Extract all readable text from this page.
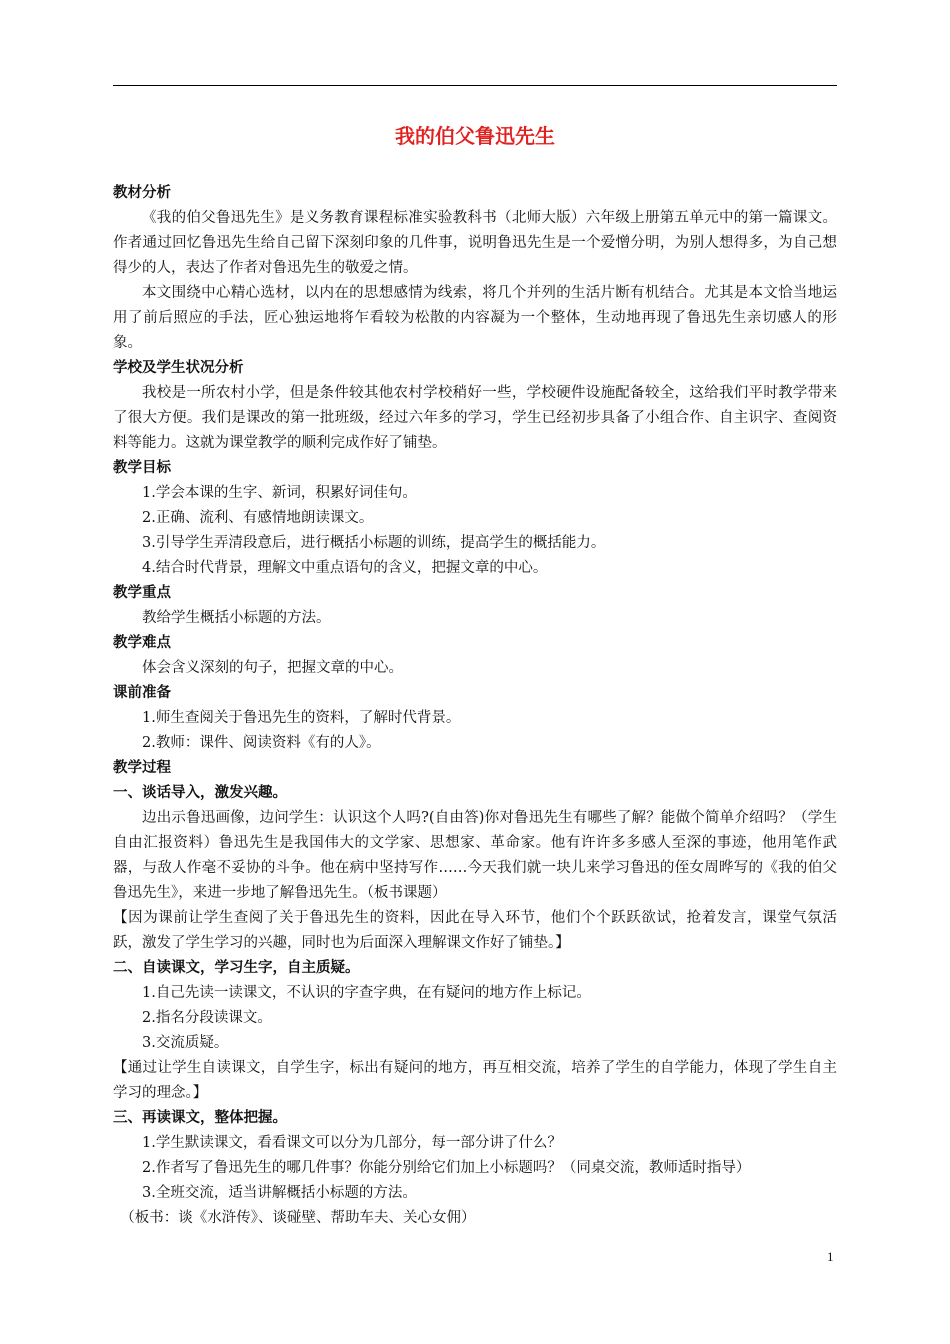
我的伯父鲁迅先生
教材分析
《我的伯父鲁迅先生》是义务教育课程标准实验教科书（北师大版）六年级上册第五单元中的第一篇课文。作者通过回忆鲁迅先生给自己留下深刻印象的几件事，说明鲁迅先生是一个爱憎分明，为别人想得多，为自己想得少的人，表达了作者对鲁迅先生的敬爱之情。
本文围绕中心精心选材，以内在的思想感情为线索，将几个并列的生活片断有机结合。尤其是本文恰当地运用了前后照应的手法，匠心独运地将乍看较为松散的内容凝为一个整体，生动地再现了鲁迅先生亲切感人的形象。
学校及学生状况分析
我校是一所农村小学，但是条件较其他农村学校稍好一些，学校硬件设施配备较全，这给我们平时教学带来了很大方便。我们是课改的第一批班级，经过六年多的学习，学生已经初步具备了小组合作、自主识字、查阅资料等能力。这就为课堂教学的顺利完成作好了铺垫。
教学目标
1.学会本课的生字、新词，积累好词佳句。
2.正确、流利、有感情地朗读课文。
3.引导学生弄清段意后，进行概括小标题的训练，提高学生的概括能力。
4.结合时代背景，理解文中重点语句的含义，把握文章的中心。
教学重点
教给学生概括小标题的方法。
教学难点
体会含义深刻的句子，把握文章的中心。
课前准备
1.师生查阅关于鲁迅先生的资料，了解时代背景。
2.教师：课件、阅读资料《有的人》。
教学过程
一、谈话导入，激发兴趣。
边出示鲁迅画像，边问学生：认识这个人吗?(自由答)你对鲁迅先生有哪些了解？能做个简单介绍吗？（学生自由汇报资料）鲁迅先生是我国伟大的文学家、思想家、革命家。他有许许多多感人至深的事迹，他用笔作武器，与敌人作毫不妥协的斗争。他在病中坚持写作……今天我们就一块儿来学习鲁迅的侄女周晔写的《我的伯父鲁迅先生》，来进一步地了解鲁迅先生。（板书课题）
【因为课前让学生查阅了关于鲁迅先生的资料，因此在导入环节，他们个个跃跃欲试，抢着发言，课堂气氛活跃，激发了学生学习的兴趣，同时也为后面深入理解课文作好了铺垫。】
二、自读课文，学习生字，自主质疑。
1.自己先读一读课文，不认识的字查字典，在有疑问的地方作上标记。
2.指名分段读课文。
3.交流质疑。
【通过让学生自读课文，自学生字，标出有疑问的地方，再互相交流，培养了学生的自学能力，体现了学生自主学习的理念。】
三、再读课文，整体把握。
1.学生默读课文，看看课文可以分为几部分，每一部分讲了什么？
2.作者写了鲁迅先生的哪几件事？你能分别给它们加上小标题吗？（同桌交流，教师适时指导）
3.全班交流，适当讲解概括小标题的方法。
（板书：谈《水浒传》、谈碰壁、帮助车夫、关心女佣）
1
